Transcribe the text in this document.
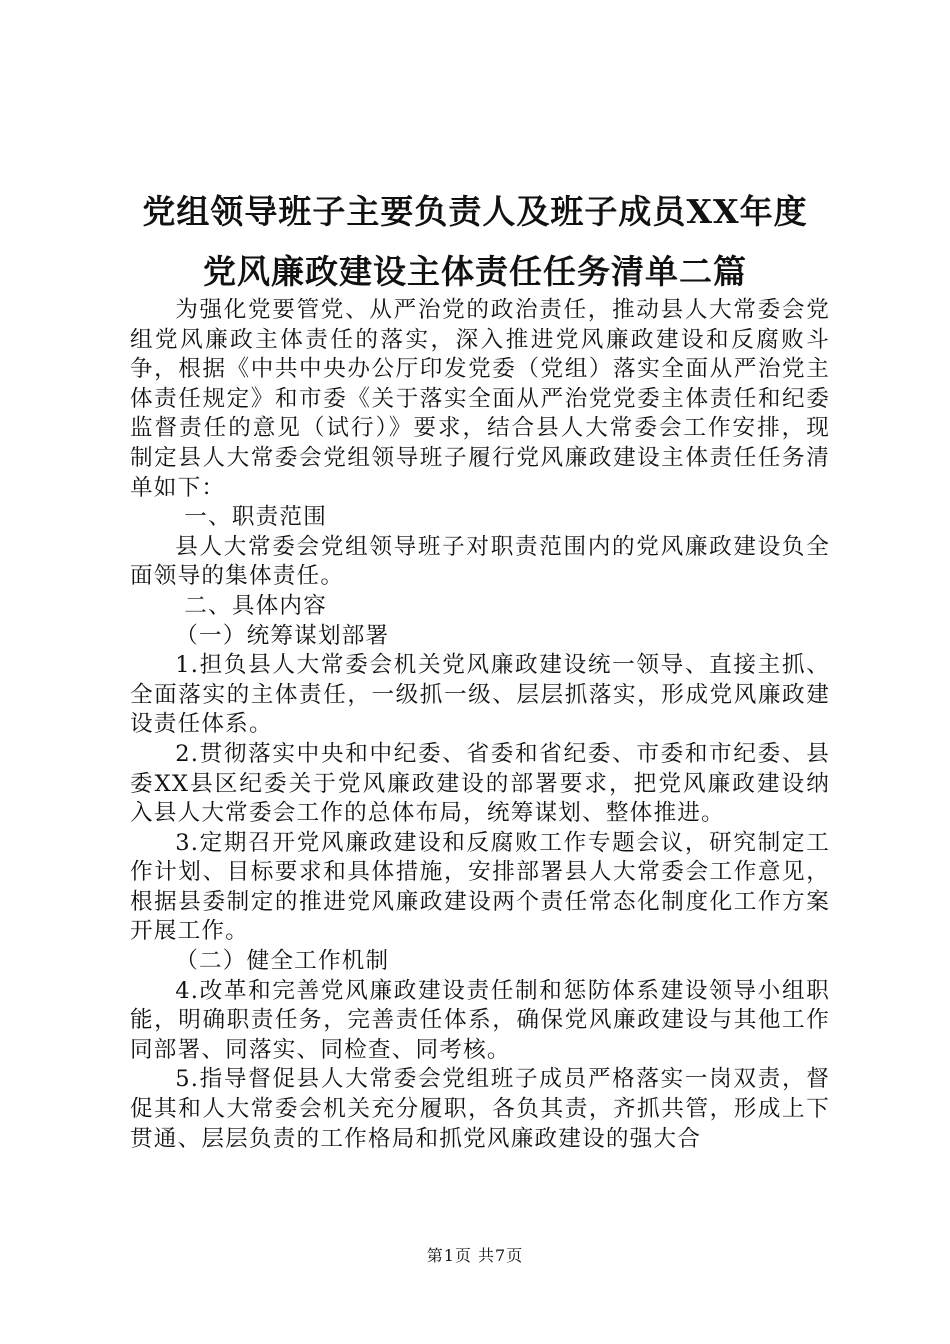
党组领导班子主要负责人及班子成员XX年度
党风廉政建设主体责任任务清单二篇

为强化党要管党、从严治党的政治责任，推动县人大常委会党组党风廉政主体责任的落实，深入推进党风廉政建设和反腐败斗争，根据《中共中央办公厅印发党委（党组）落实全面从严治党主体责任规定》和市委《关于落实全面从严治党党委主体责任和纪委监督责任的意见（试行）》要求，结合县人大常委会工作安排，现制定县人大常委会党组领导班子履行党风廉政建设主体责任任务清单如下：

一、职责范围

县人大常委会党组领导班子对职责范围内的党风廉政建设负全面领导的集体责任。

二、具体内容

（一）统筹谋划部署

1.担负县人大常委会机关党风廉政建设统一领导、直接主抓、全面落实的主体责任，一级抓一级、层层抓落实，形成党风廉政建设责任体系。

2.贯彻落实中央和中纪委、省委和省纪委、市委和市纪委、县委XX县区纪委关于党风廉政建设的部署要求，把党风廉政建设纳入县人大常委会工作的总体布局，统筹谋划、整体推进。

3.定期召开党风廉政建设和反腐败工作专题会议，研究制定工作计划、目标要求和具体措施，安排部署县人大常委会工作意见，根据县委制定的推进党风廉政建设两个责任常态化制度化工作方案开展工作。

（二）健全工作机制

4.改革和完善党风廉政建设责任制和惩防体系建设领导小组职能，明确职责任务，完善责任体系，确保党风廉政建设与其他工作同部署、同落实、同检查、同考核。

5.指导督促县人大常委会党组班子成员严格落实一岗双责，督促其和人大常委会机关充分履职，各负其责，齐抓共管，形成上下贯通、层层负责的工作格局和抓党风廉政建设的强大合

第1页 共7页
